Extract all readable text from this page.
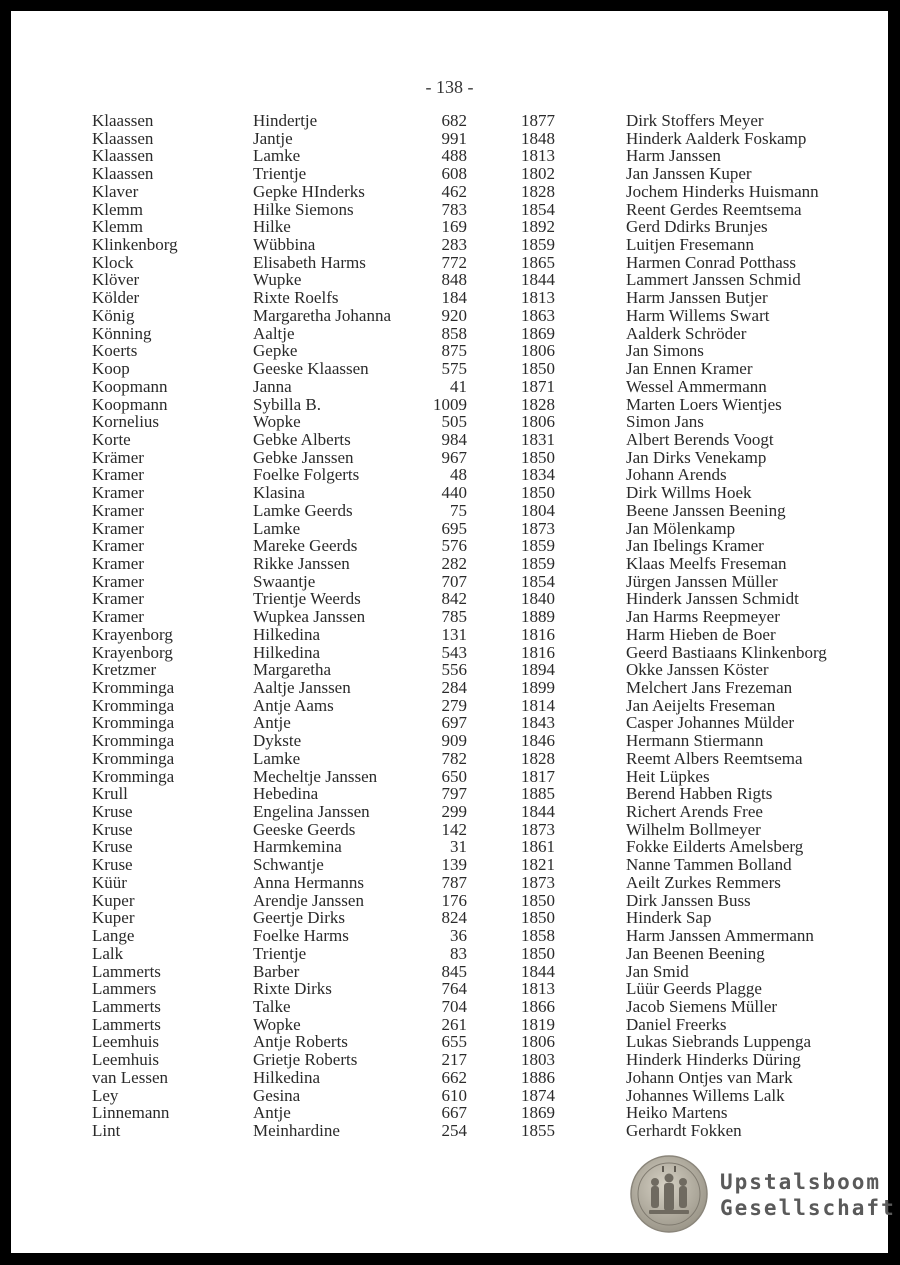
- 138 -
Klaassen	Hindertje	682	1877	Dirk Stoffers Meyer
Klaassen	Jantje	991	1848	Hinderk Aalderk Foskamp
Klaassen	Lamke	488	1813	Harm Janssen
Klaassen	Trientje	608	1802	Jan Janssen Kuper
Klaver	Gepke HInderks	462	1828	Jochem Hinderks Huismann
Klemm	Hilke Siemons	783	1854	Reent Gerdes Reemtsema
Klemm	Hilke	169	1892	Gerd Ddirks Brunjes
Klinkenborg	Wübbina	283	1859	Luitjen Fresemann
Klock	Elisabeth Harms	772	1865	Harmen Conrad Potthass
Klöver	Wupke	848	1844	Lammert Janssen Schmid
Kölder	Rixte Roelfs	184	1813	Harm Janssen Butjer
König	Margaretha Johanna	920	1863	Harm Willems Swart
Könning	Aaltje	858	1869	Aalderk Schröder
Koerts	Gepke	875	1806	Jan Simons
Koop	Geeske Klaassen	575	1850	Jan Ennen Kramer
Koopmann	Janna	41	1871	Wessel Ammermann
Koopmann	Sybilla B.	1009	1828	Marten Loers Wientjes
Kornelius	Wopke	505	1806	Simon Jans
Korte	Gebke Alberts	984	1831	Albert Berends Voogt
Krämer	Gebke Janssen	967	1850	Jan Dirks Venekamp
Kramer	Foelke Folgerts	48	1834	Johann Arends
Kramer	Klasina	440	1850	Dirk Willms Hoek
Kramer	Lamke Geerds	75	1804	Beene Janssen Beening
Kramer	Lamke	695	1873	Jan Mölenkamp
Kramer	Mareke Geerds	576	1859	Jan Ibelings Kramer
Kramer	Rikke Janssen	282	1859	Klaas Meelfs Freseman
Kramer	Swaantje	707	1854	Jürgen Janssen Müller
Kramer	Trientje Weerds	842	1840	Hinderk Janssen Schmidt
Kramer	Wupkea Janssen	785	1889	Jan Harms Reepmeyer
Krayenborg	Hilkedina	131	1816	Harm Hieben de Boer
Krayenborg	Hilkedina	543	1816	Geerd Bastiaans Klinkenborg
Kretzmer	Margaretha	556	1894	Okke Janssen Köster
Kromminga	Aaltje Janssen	284	1899	Melchert Jans Frezeman
Kromminga	Antje Aams	279	1814	Jan Aeijelts Freseman
Kromminga	Antje	697	1843	Casper Johannes Mülder
Kromminga	Dykste	909	1846	Hermann Stiermann
Kromminga	Lamke	782	1828	Reemt Albers Reemtsema
Kromminga	Mecheltje Janssen	650	1817	Heit Lüpkes
Krull	Hebedina	797	1885	Berend Habben Rigts
Kruse	Engelina Janssen	299	1844	Richert Arends Free
Kruse	Geeske Geerds	142	1873	Wilhelm Bollmeyer
Kruse	Harmkemina	31	1861	Fokke Eilderts Amelsberg
Kruse	Schwantje	139	1821	Nanne Tammen Bolland
Küür	Anna Hermanns	787	1873	Aeilt Zurkes Remmers
Kuper	Arendje Janssen	176	1850	Dirk Janssen Buss
Kuper	Geertje Dirks	824	1850	Hinderk Sap
Lange	Foelke Harms	36	1858	Harm Janssen Ammermann
Lalk	Trientje	83	1850	Jan Beenen Beening
Lammerts	Barber	845	1844	Jan Smid
Lammers	Rixte Dirks	764	1813	Lüür Geerds Plagge
Lammerts	Talke	704	1866	Jacob Siemens Müller
Lammerts	Wopke	261	1819	Daniel Freerks
Leemhuis	Antje Roberts	655	1806	Lukas Siebrands Luppenga
Leemhuis	Grietje Roberts	217	1803	Hinderk Hinderks Düring
van Lessen	Hilkedina	662	1886	Johann Ontjes van Mark
Ley	Gesina	610	1874	Johannes Willems Lalk
Linnemann	Antje	667	1869	Heiko Martens
Lint	Meinhardine	254	1855	Gerhardt Fokken
Upstalsboom
Gesellschaft
